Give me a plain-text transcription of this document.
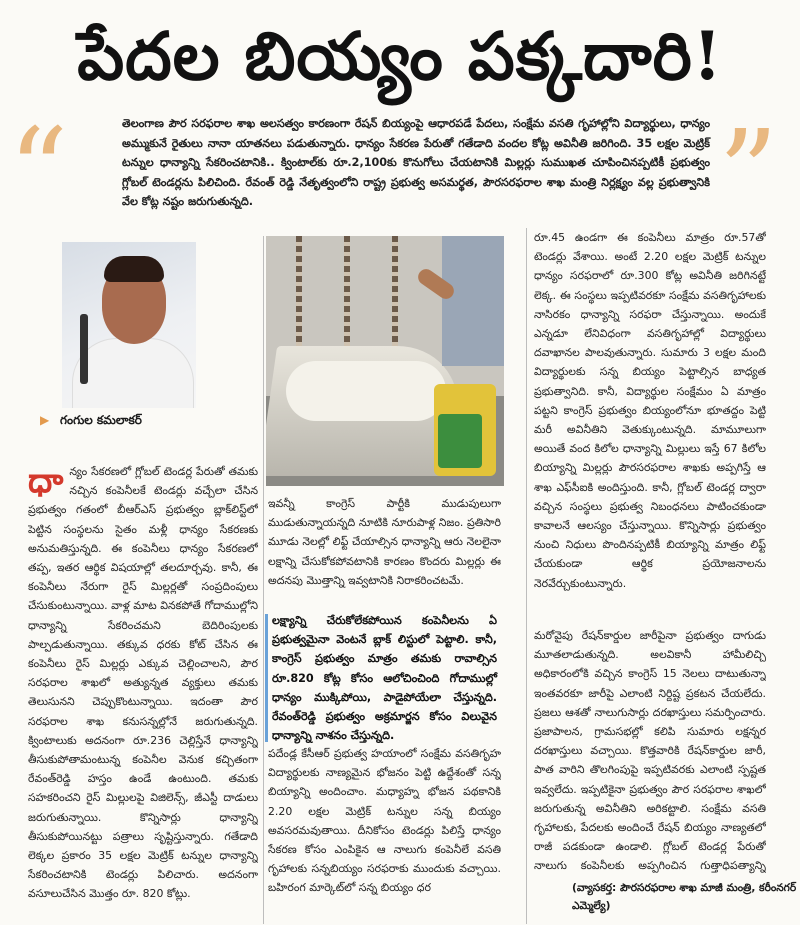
పేదల బియ్యం పక్కదారి!
“	”

తెలంగాణ పౌర సరఫరాల శాఖ అలసత్వం కారణంగా రేషన్ బియ్యంపై ఆధారపడే పేదలు, సంక్షేమ వసతి గృహాల్లోని విద్యార్థులు, ధాన్యం అమ్ముకునే రైతులు నానా యాతనలు పడుతున్నారు. ధాన్యం సేకరణ పేరుతో గతేడాది వందల కోట్ల అవినీతి జరిగింది. 35 లక్షల మెట్రిక్ టన్నుల ధాన్యాన్ని సేకరించటానికి.. క్వింటాల్‌కు రూ.2,100కు కొనుగోలు చేయటానికి మిల్లర్లు సుముఖత చూపించినప్పటికీ ప్రభుత్వం గ్లోబల్ టెండర్లను పిలిచింది. రేవంత్ రెడ్డి నేతృత్వంలోని రాష్ట్ర ప్రభుత్వ అసమర్థత, పౌరసరఫరాల శాఖ మంత్రి నిర్లక్ష్యం వల్ల ప్రభుత్వానికి వేల కోట్ల నష్టం జరుగుతున్నది.

▶ గంగుల కమలాకర్

ధాన్యం సేకరణలో గ్లోబల్ టెండర్ల పేరుతో తమకు నచ్చిన కంపెనీలకే టెండర్లు వచ్చేలా చేసిన ప్రభుత్వం గతంలో బీఆర్ఎస్ ప్రభుత్వం బ్లాక్‌లిస్ట్‌లో పెట్టిన సంస్థలను సైతం మళ్లీ ధాన్యం సేకరణకు అనుమతిస్తున్నది. ఈ కంపెనీలు ధాన్యం సేకరణలో తప్ప, ఇతర ఆర్థిక విషయాల్లో తలదూర్చవు. కానీ, ఈ కంపెనీలు నేరుగా రైస్ మిల్లర్లతో సంప్రదింపులు చేసుకుంటున్నాయి. వాళ్ల మాట వినకపోతే గోదాముల్లోని ధాన్యాన్ని సేకరించమని బెదిరింపులకు పాల్పడుతున్నాయి. తక్కువ ధరకు కోట్ చేసిన ఈ కంపెనీలు రైస్ మిల్లర్లు ఎక్కువ చెల్లించాలని, పౌర సరఫరాల శాఖలో అత్యున్నత వ్యక్తులు తమకు తెలుసునని చెప్పుకొంటున్నాయి. ఇదంతా పౌర సరఫరాల శాఖ కనుసన్నల్లోనే జరుగుతున్నది. క్వింటాలుకు అదనంగా రూ.236 చెల్లిస్తేనే ధాన్యాన్ని తీసుకుపోతామంటున్న కంపెనీల వెనుక కచ్చితంగా రేవంత్‌రెడ్డి హస్తం ఉండే ఉంటుంది. తమకు సహకరించని రైస్ మిల్లులపై విజిలెన్స్, జీఎస్టీ దాడులు జరుగుతున్నాయి. కొన్నిసార్లు ధాన్యాన్ని తీసుకుపోయినట్టు పత్రాలు సృష్టిస్తున్నారు. గతేడాది లెక్కల ప్రకారం 35 లక్షల మెట్రిక్ టన్నుల ధాన్యాన్ని సేకరించటానికి టెండర్లు పిలిచారు. అదనంగా వసూలుచేసిన మొత్తం రూ. 820 కోట్లు.

ఇవన్నీ కాంగ్రెస్ పార్టీకి ముడుపులుగా ముడుతున్నాయన్నది నూటికి నూరుపాళ్ల నిజం. ప్రతిసారి మూడు నెలల్లో లిఫ్ట్ చేయాల్సిన ధాన్యాన్ని ఆరు నెలలైనా లక్షాన్ని చేసుకోకపోవటానికి కారణం కొందరు మిల్లర్లు ఈ అదనపు మొత్తాన్ని ఇవ్వటానికి నిరాకరించటమే.

లక్ష్యాన్ని చేరుకోలేకపోయిన కంపెనీలను ఏ ప్రభుత్వమైనా వెంటనే బ్లాక్ లిస్టులో పెట్టాలి. కానీ, కాంగ్రెస్ ప్రభుత్వం మాత్రం తమకు రావాల్సిన రూ.820 కోట్ల కోసం ఆలోచించింది గోదాముల్లో ధాన్యం ముక్కిపోయి, పాడైపోయేలా చేస్తున్నది. రేవంత్‌రెడ్డి ప్రభుత్వం అక్రమార్జన కోసం విలువైన ధాన్యాన్ని నాశనం చేస్తున్నది.

పదేండ్ల కేసీఆర్ ప్రభుత్వ హయాంలో సంక్షేమ వసతిగృహ విద్యార్థులకు నాణ్యమైన భోజనం పెట్టి ఉద్దేశంతో సన్న బియ్యాన్ని అందించాం. మధ్యాహ్న భోజన పథకానికి 2.20 లక్షల మెట్రిక్ టన్నుల సన్న బియ్యం అవసరమవుతాయి. దీనికోసం టెండర్లు పిలిస్తే ధాన్యం సేకరణ కోసం ఎంపికైన ఆ నాలుగు కంపెనీలే వసతి గృహాలకు సన్నబియ్యం సరఫరాకు ముందుకు వచ్చాయి. బహిరంగ మార్కెట్‌లో సన్న బియ్యం ధర

రూ.45 ఉండగా ఈ కంపెనీలు మాత్రం రూ.57తో టెండర్లు వేశాయి. అంటే 2.20 లక్షల మెట్రిక్ టన్నుల ధాన్యం సరఫరాలో రూ.300 కోట్ల అవినీతి జరిగినట్టే లెక్క. ఈ సంస్థలు ఇప్పటివరకూ సంక్షేమ వసతిగృహాలకు నాసిరకం ధాన్యాన్ని సరఫరా చేస్తున్నాయి. అందుకే ఎన్నడూ లేనివిధంగా వసతిగృహాల్లో విద్యార్థులు దవాఖానల పాలవుతున్నారు. సుమారు 3 లక్షల మంది విద్యార్థులకు సన్న బియ్యం పెట్టాల్సిన బాధ్యత ప్రభుత్వానిది. కానీ, విద్యార్థుల సంక్షేమం ఏ మాత్రం పట్టని కాంగ్రెస్ ప్రభుత్వం బియ్యంలోనూ భూతద్దం పెట్టి మరీ అవినీతిని వెతుక్కుంటున్నది. మామూలుగా అయితే వంద కిలోల ధాన్యాన్ని మిల్లులు ఇస్తే 67 కిలోల బియ్యాన్ని మిల్లర్లు పౌరసరఫరాల శాఖకు అప్పగిస్తే ఆ శాఖ ఎఫ్‌సీఐకి అందిస్తుంది. కానీ, గ్లోబల్ టెండర్ల ద్వారా వచ్చిన సంస్థలు ప్రభుత్వ నిబంధనలు పాటించకుండా కావాలనే ఆలస్యం చేస్తున్నాయి. కొన్నిసార్లు ప్రభుత్వం నుంచి నిధులు పొందినప్పటికీ బియ్యాన్ని మాత్రం లిఫ్ట్ చేయకుండా ఆర్థిక ప్రయోజనాలను నెరవేర్చుకుంటున్నారు.

మరోవైపు రేషన్‌కార్డుల జారీపైనా ప్రభుత్వం దాగుడు మూతలాడుతున్నది. అలవికానీ హామీలిచ్చి అధికారంలోకి వచ్చిన కాంగ్రెస్ 15 నెలలు దాటుతున్నా ఇంతవరకూ జారీపై ఎలాంటి నిర్దిష్ట ప్రకటన చేయలేదు. ప్రజలు ఆశతో నాలుగుసార్లు దరఖాస్తులు సమర్పించారు. ప్రజాపాలన, గ్రామసభల్లో కలిపి సుమారు లక్షన్నర దరఖాస్తులు వచ్చాయి. కొత్తవారికి రేషన్‌కార్డుల జారీ, పాత వారిని తొలగింపుపై ఇప్పటివరకు ఎలాంటి స్పష్టత ఇవ్వలేదు. ఇప్పటికైనా ప్రభుత్వం పౌర సరఫరాల శాఖలో జరుగుతున్న అవినీతిని అరికట్టాలి. సంక్షేమ వసతి గృహాలకు, పేదలకు అందించే రేషన్ బియ్యం నాణ్యతలో రాజీ పడకుండా ఉండాలి. గ్లోబల్ టెండర్ల పేరుతో నాలుగు కంపెనీలకు అప్పగించిన గుత్తాధిపత్యాన్ని

(వ్యాసకర్త: పౌరసరఫరాల శాఖ మాజీ మంత్రి, కరీంనగర్ ఎమ్మెల్యే)
